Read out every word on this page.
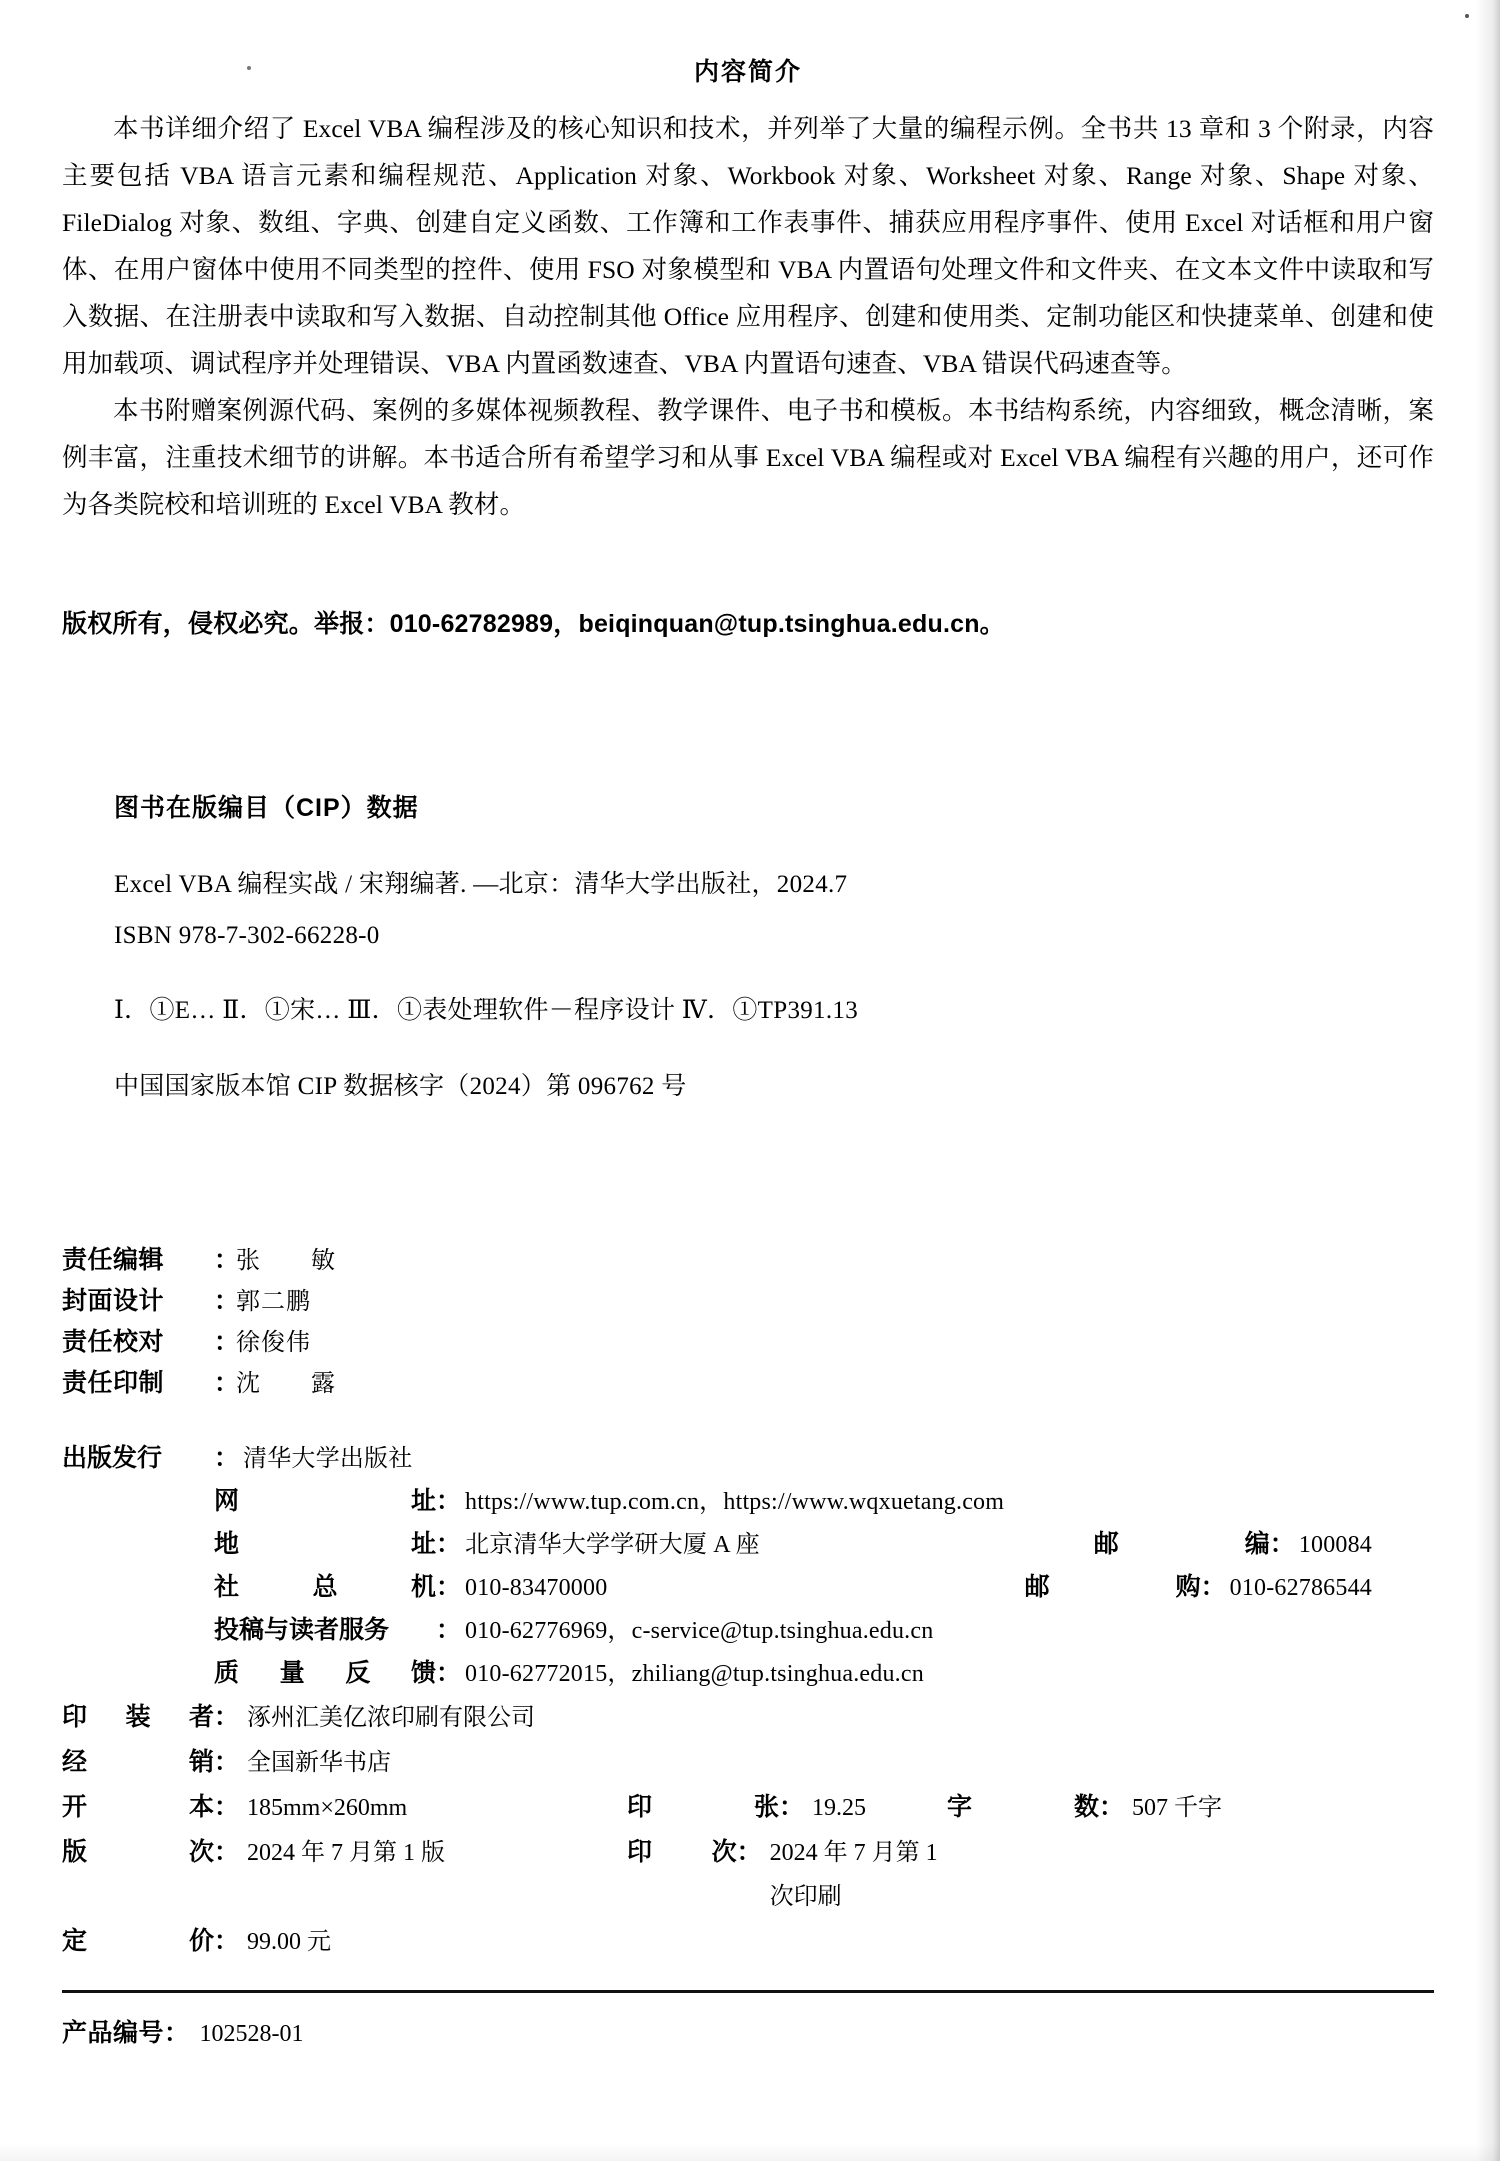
内容简介

本书详细介绍了 Excel VBA 编程涉及的核心知识和技术，并列举了大量的编程示例。全书共 13 章和 3 个附录，内容主要包括 VBA 语言元素和编程规范、Application 对象、Workbook 对象、Worksheet 对象、Range 对象、Shape 对象、FileDialog 对象、数组、字典、创建自定义函数、工作簿和工作表事件、捕获应用程序事件、使用 Excel 对话框和用户窗体、在用户窗体中使用不同类型的控件、使用 FSO 对象模型和 VBA 内置语句处理文件和文件夹、在文本文件中读取和写入数据、在注册表中读取和写入数据、自动控制其他 Office 应用程序、创建和使用类、定制功能区和快捷菜单、创建和使用加载项、调试程序并处理错误、VBA 内置函数速查、VBA 内置语句速查、VBA 错误代码速查等。

本书附赠案例源代码、案例的多媒体视频教程、教学课件、电子书和模板。本书结构系统，内容细致，概念清晰，案例丰富，注重技术细节的讲解。本书适合所有希望学习和从事 Excel VBA 编程或对 Excel VBA 编程有兴趣的用户，还可作为各类院校和培训班的 Excel VBA 教材。

版权所有，侵权必究。举报：010-62782989，beiqinquan@tup.tsinghua.edu.cn。
图书在版编目（CIP）数据
Excel VBA 编程实战 / 宋翔编著. —北京：清华大学出版社，2024.7
ISBN 978-7-302-66228-0
Ⅰ．①E… Ⅱ．①宋… Ⅲ．①表处理软件－程序设计 Ⅳ．①TP391.13
中国国家版本馆 CIP 数据核字（2024）第 096762 号
责任编辑	：
张　　敏
封面设计	：
郭二鹏
责任校对	：
徐俊伟
责任印制	：
沈　　露
出版发行 ： 清华大学出版社
网	址 ： https://www.tup.com.cn，https://www.wqxuetang.com
地	址 ： 北京清华大学学研大厦 A 座	邮	编 ： 100084
社	总	机 ： 010-83470000	邮	购 ： 010-62786544
投稿与读者服务 ： 010-62776969，c-service@tup.tsinghua.edu.cn
质 量 反 馈 ： 010-62772015，zhiliang@tup.tsinghua.edu.cn
印 装 者 ： 涿州汇美亿浓印刷有限公司
经	销 ： 全国新华书店
开	本 ： 185mm×260mm	印	张 ： 19.25	字	数 ： 507 千字
版	次 ： 2024 年 7 月第 1 版	印 次 ： 2024 年 7 月第 1 次印刷
定	价 ： 99.00 元
产品编号： 102528-01
